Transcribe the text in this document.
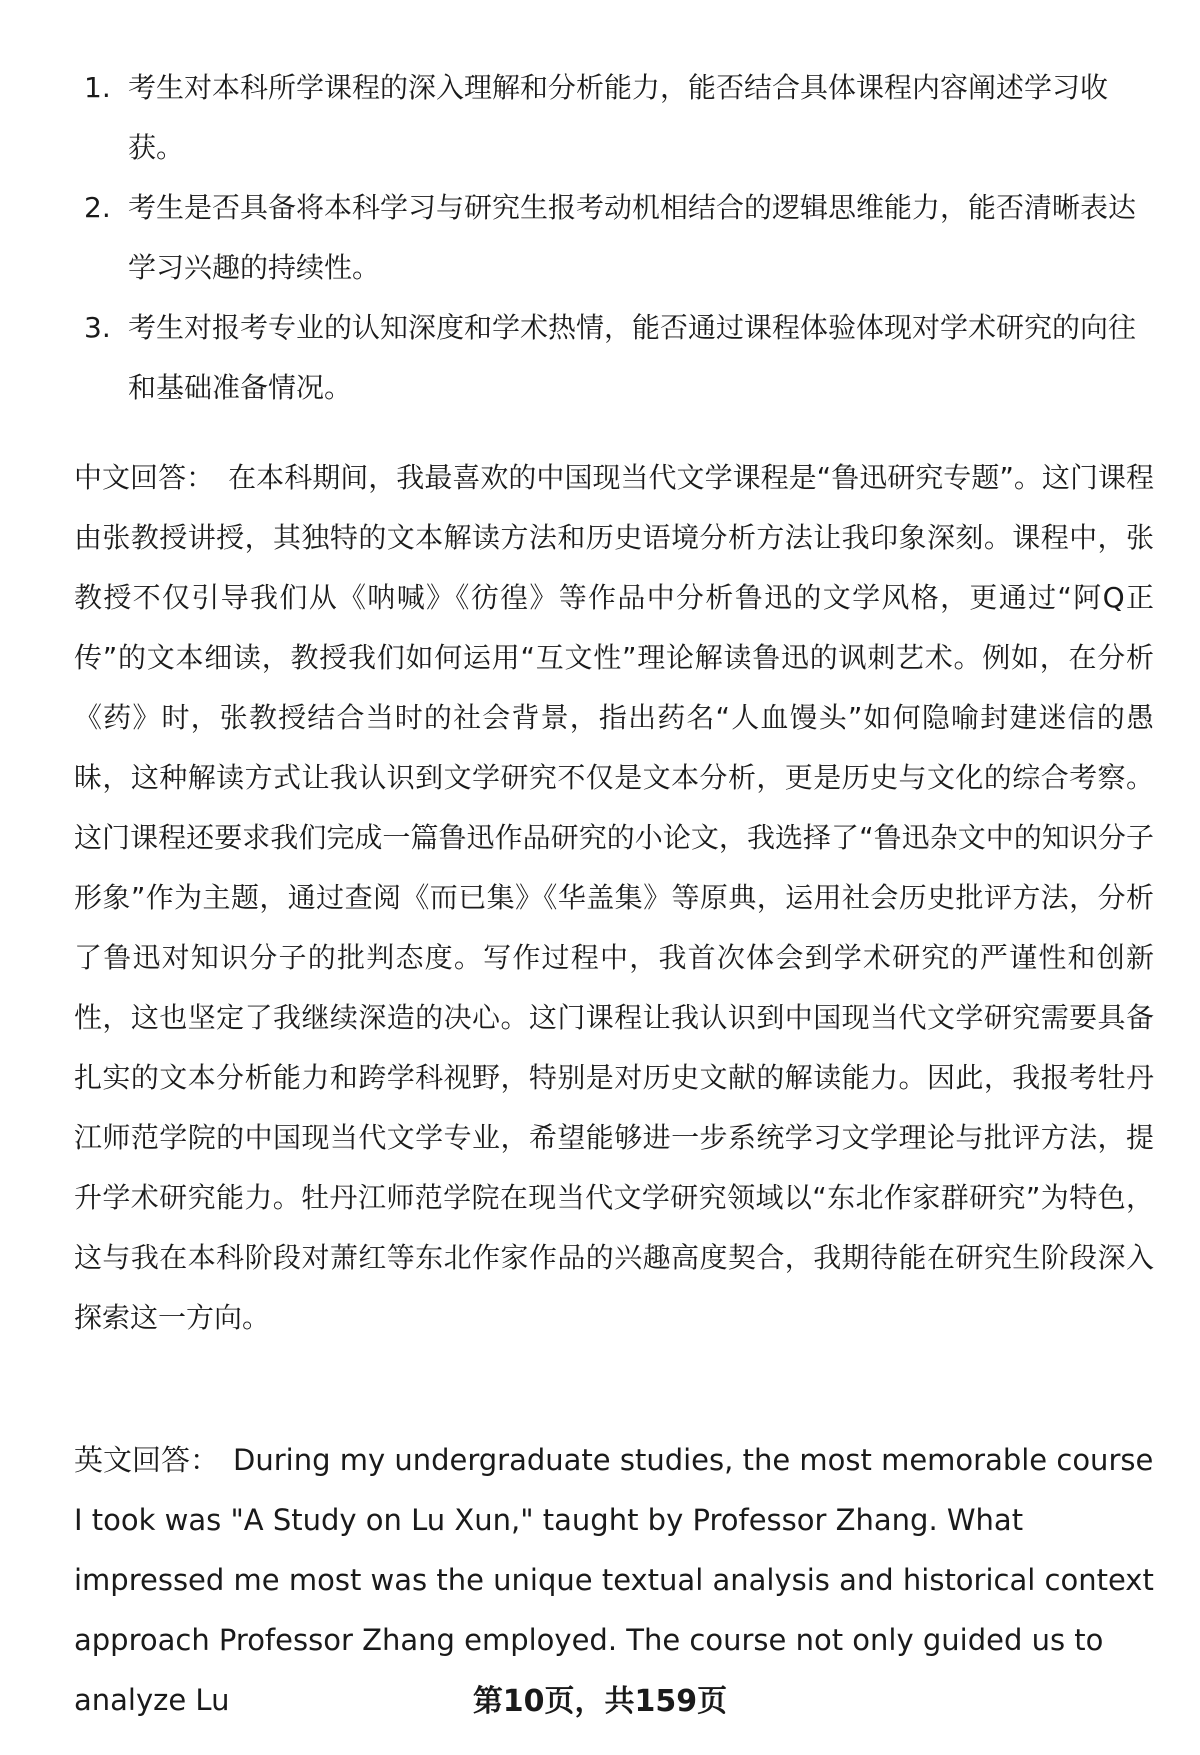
1. 考生对本科所学课程的深入理解和分析能力，能否结合具体课程内容阐述学习收获。
2. 考生是否具备将本科学习与研究生报考动机相结合的逻辑思维能力，能否清晰表达学习兴趣的持续性。
3. 考生对报考专业的认知深度和学术热情，能否通过课程体验体现对学术研究的向往和基础准备情况。

中文回答： 在本科期间，我最喜欢的中国现当代文学课程是“鲁迅研究专题”。这门课程由张教授讲授，其独特的文本解读方法和历史语境分析方法让我印象深刻。课程中，张教授不仅引导我们从《呐喊》《彷徨》等作品中分析鲁迅的文学风格，更通过“阿Q正传”的文本细读，教授我们如何运用“互文性”理论解读鲁迅的讽刺艺术。例如，在分析《药》时，张教授结合当时的社会背景，指出药名“人血馒头”如何隐喻封建迷信的愚昧，这种解读方式让我认识到文学研究不仅是文本分析，更是历史与文化的综合考察。这门课程还要求我们完成一篇鲁迅作品研究的小论文，我选择了“鲁迅杂文中的知识分子形象”作为主题，通过查阅《而已集》《华盖集》等原典，运用社会历史批评方法，分析了鲁迅对知识分子的批判态度。写作过程中，我首次体会到学术研究的严谨性和创新性，这也坚定了我继续深造的决心。这门课程让我认识到中国现当代文学研究需要具备扎实的文本分析能力和跨学科视野，特别是对历史文献的解读能力。因此，我报考牡丹江师范学院的中国现当代文学专业，希望能够进一步系统学习文学理论与批评方法，提升学术研究能力。牡丹江师范学院在现当代文学研究领域以“东北作家群研究”为特色，这与我在本科阶段对萧红等东北作家作品的兴趣高度契合，我期待能在研究生阶段深入探索这一方向。

英文回答： During my undergraduate studies, the most memorable course I took was "A Study on Lu Xun," taught by Professor Zhang. What impressed me most was the unique textual analysis and historical context approach Professor Zhang employed. The course not only guided us to analyze Lu	第10页，共159页
